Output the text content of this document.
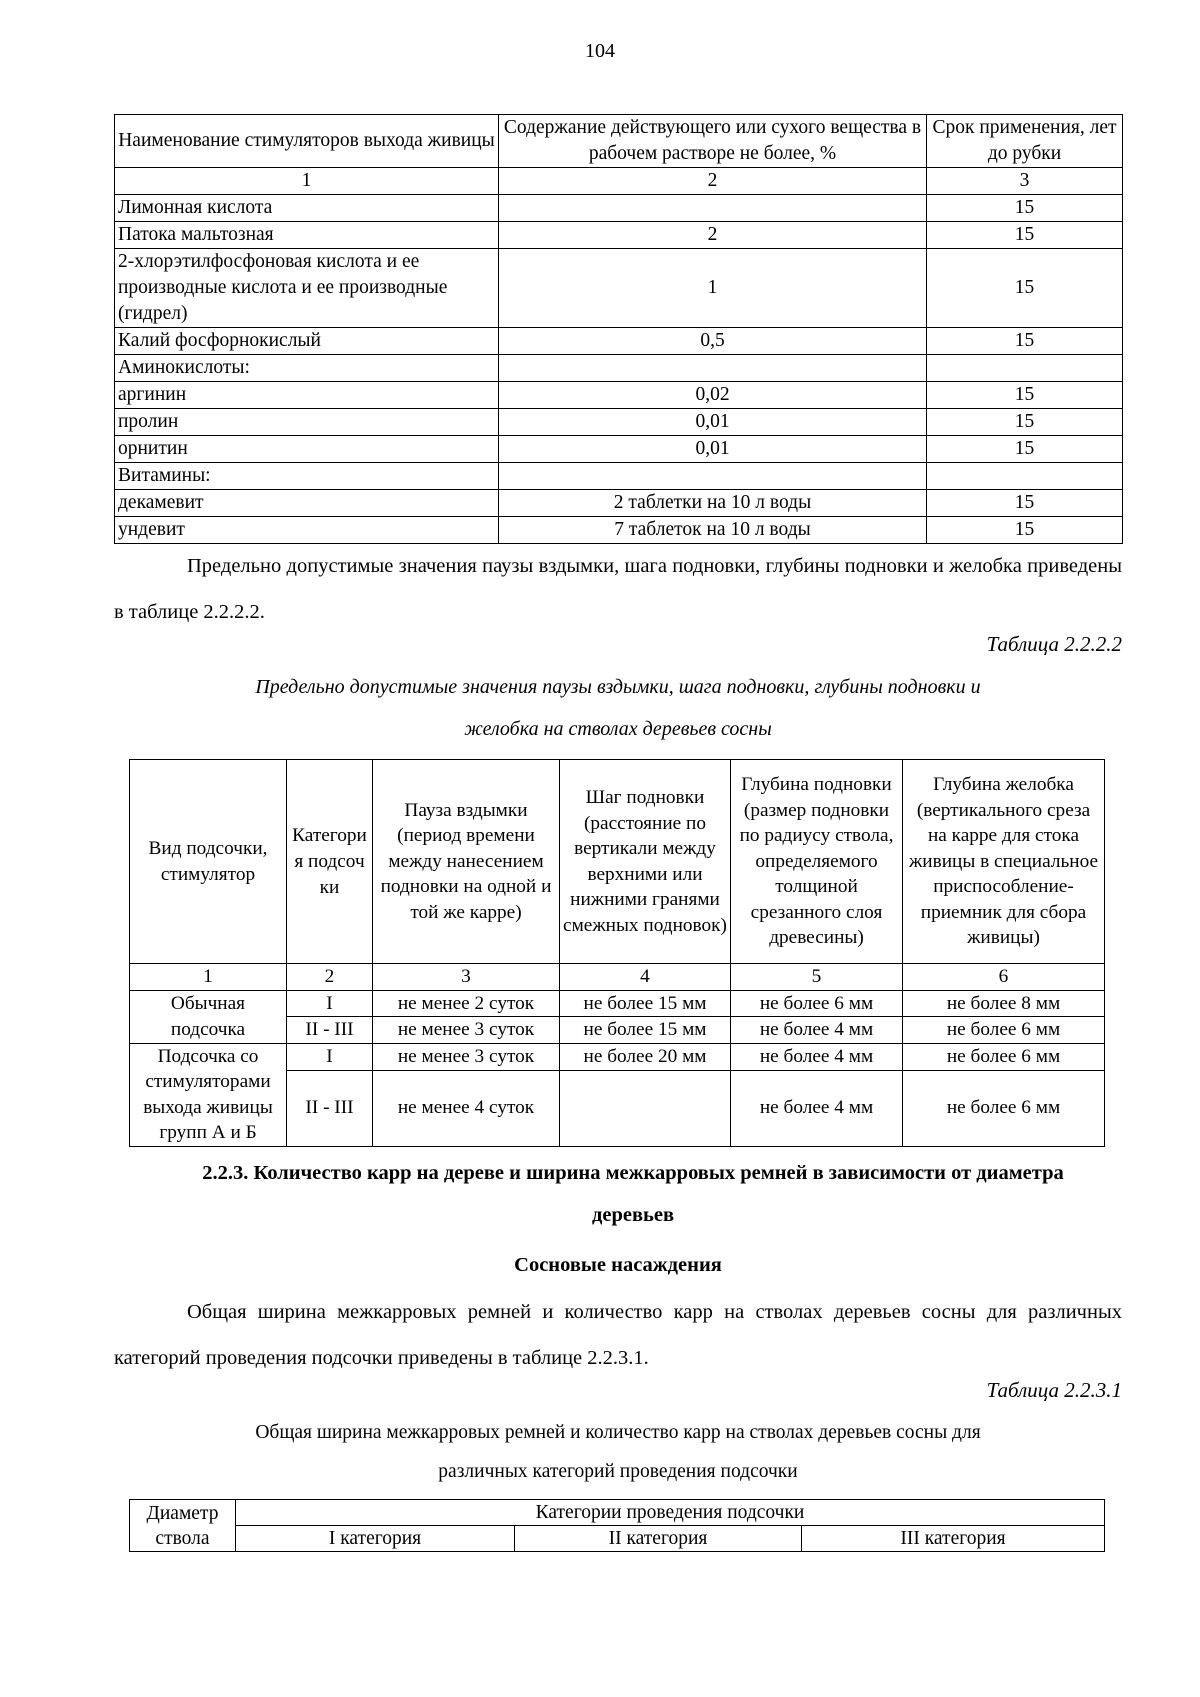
104
Наименование стимуляторов выхода живицы	Содержание действующего или сухого вещества в рабочем растворе не более, %	Срок применения, лет до рубки
1	2	3
Лимонная кислота		15
Патока мальтозная	2	15
2-хлорэтилфосфоновая кислота и ее производные кислота и ее производные (гидрел)	1	15
Калий фосфорнокислый	0,5	15
Аминокислоты:		
аргинин	0,02	15
пролин	0,01	15
орнитин	0,01	15
Витамины:		
декамевит	2 таблетки на 10 л воды	15
ундевит	7 таблеток на 10 л воды	15
Предельно допустимые значения паузы вздымки, шага подновки, глубины подновки и желобка приведены в таблице 2.2.2.2.
Таблица 2.2.2.2
Предельно допустимые значения паузы вздымки, шага подновки, глубины подновки и желобка на стволах деревьев сосны
Вид подсочки, стимулятор	Категория подсочки	Пауза вздымки (период времени между нанесением подновки на одной и той же карре)	Шаг подновки (расстояние по вертикали между верхними или нижними гранями смежных подновок)	Глубина подновки (размер подновки по радиусу ствола, определяемого толщиной срезанного слоя древесины)	Глубина желобка (вертикального среза на карре для стока живицы в специальное приспособление-приемник для сбора живицы)
1	2	3	4	5	6
Обычная подсочка	I	не менее 2 суток	не более 15 мм	не более 6 мм	не более 8 мм
	II - III	не менее 3 суток	не более 15 мм	не более 4 мм	не более 6 мм
Подсочка со стимуляторами выхода живицы групп А и Б	I	не менее 3 суток	не более 20 мм	не более 4 мм	не более 6 мм
	II - III	не менее 4 суток		не более 4 мм	не более 6 мм
2.2.3. Количество карр на дереве и ширина межкарровых ремней в зависимости от диаметра деревьев
Сосновые насаждения
Общая ширина межкарровых ремней и количество карр на стволах деревьев сосны для различных категорий проведения подсочки приведены в таблице 2.2.3.1.
Таблица 2.2.3.1
Общая ширина межкарровых ремней и количество карр на стволах деревьев сосны для различных категорий проведения подсочки
Диаметр ствола	Категории проведения подсочки		
	I категория	II категория	III категория
